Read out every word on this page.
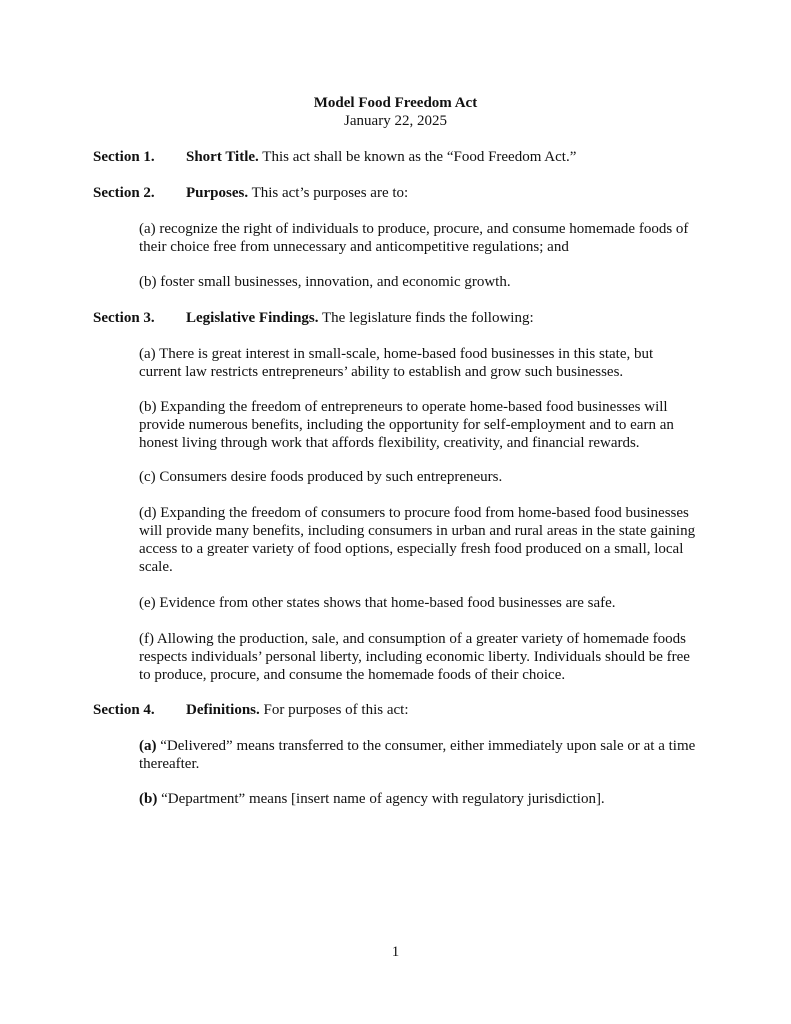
Model Food Freedom Act
January 22, 2025
Section 1. Short Title. This act shall be known as the “Food Freedom Act.”
Section 2. Purposes. This act’s purposes are to:
(a) recognize the right of individuals to produce, procure, and consume homemade foods of their choice free from unnecessary and anticompetitive regulations; and
(b) foster small businesses, innovation, and economic growth.
Section 3. Legislative Findings. The legislature finds the following:
(a) There is great interest in small-scale, home-based food businesses in this state, but current law restricts entrepreneurs’ ability to establish and grow such businesses.
(b) Expanding the freedom of entrepreneurs to operate home-based food businesses will provide numerous benefits, including the opportunity for self-employment and to earn an honest living through work that affords flexibility, creativity, and financial rewards.
(c) Consumers desire foods produced by such entrepreneurs.
(d) Expanding the freedom of consumers to procure food from home-based food businesses will provide many benefits, including consumers in urban and rural areas in the state gaining access to a greater variety of food options, especially fresh food produced on a small, local scale.
(e) Evidence from other states shows that home-based food businesses are safe.
(f) Allowing the production, sale, and consumption of a greater variety of homemade foods respects individuals’ personal liberty, including economic liberty. Individuals should be free to produce, procure, and consume the homemade foods of their choice.
Section 4. Definitions. For purposes of this act:
(a) “Delivered” means transferred to the consumer, either immediately upon sale or at a time thereafter.
(b) “Department” means [insert name of agency with regulatory jurisdiction].
1
